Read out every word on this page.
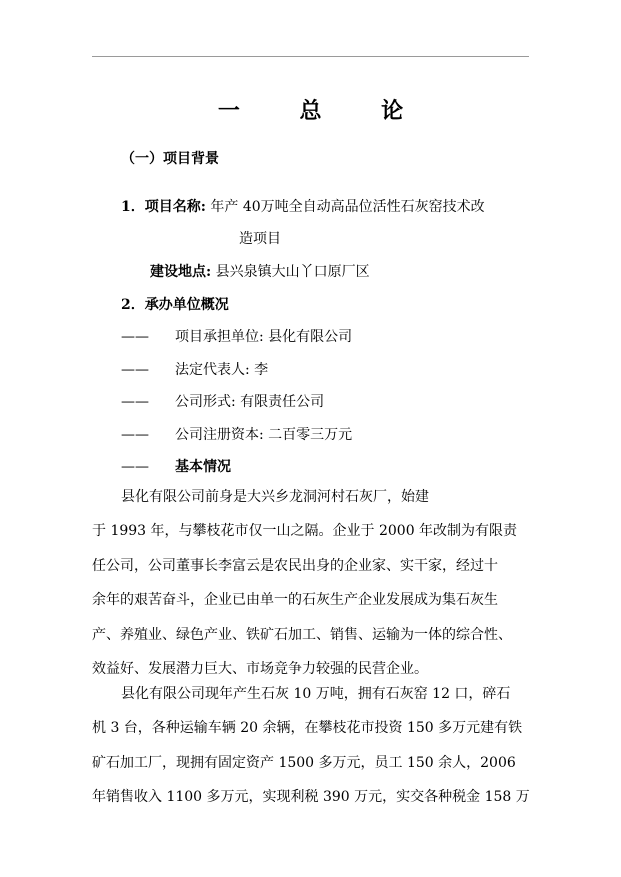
一 总 论
（一）项目背景
1．项目名称: 年产 40万吨全自动高品位活性石灰窑技术改
造项目
建设地点: 县兴泉镇大山丫口原厂区
2．承办单位概况
—— 项目承担单位: 县化有限公司
—— 法定代表人: 李
—— 公司形式: 有限责任公司
—— 公司注册资本: 二百零三万元
—— 基本情况
县化有限公司前身是大兴乡龙洞河村石灰厂，始建
于 1993 年，与攀枝花市仅一山之隔。企业于 2000 年改制为有限责
任公司，公司董事长李富云是农民出身的企业家、实干家，经过十
余年的艰苦奋斗，企业已由单一的石灰生产企业发展成为集石灰生
产、养殖业、绿色产业、铁矿石加工、销售、运输为一体的综合性、
效益好、发展潜力巨大、市场竞争力较强的民营企业。
县化有限公司现年产生石灰 10 万吨，拥有石灰窑 12 口，碎石
机 3 台，各种运输车辆 20 余辆，在攀枝花市投资 150 多万元建有铁
矿石加工厂，现拥有固定资产 1500 多万元，员工 150 余人，2006
年销售收入 1100 多万元，实现利税 390 万元，实交各种税金 158 万
